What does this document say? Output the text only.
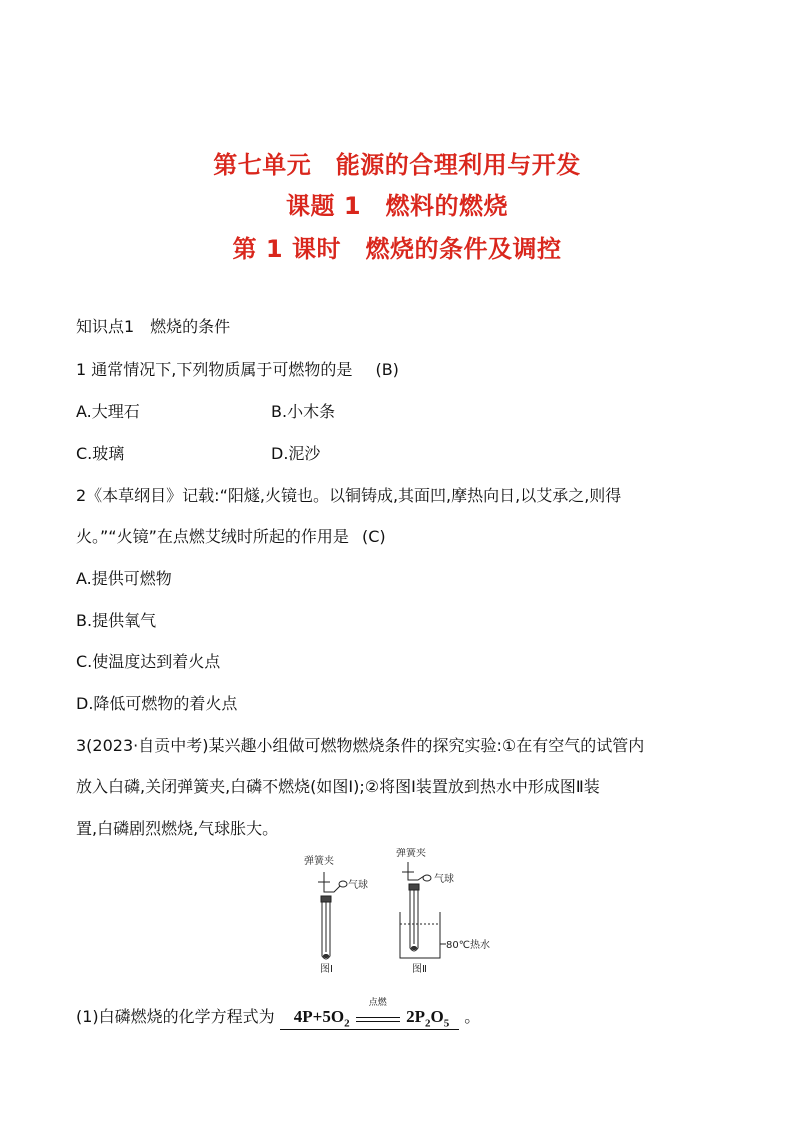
第七单元　能源的合理利用与开发
课题 1　燃料的燃烧
第 1 课时　燃烧的条件及调控
知识点1　燃烧的条件
1 通常情况下,下列物质属于可燃物的是 (B)
A.大理石	B.小木条
C.玻璃	D.泥沙
2《本草纲目》记载:“阳燧,火镜也。以铜铸成,其面凹,摩热向日,以艾承之,则得
火。”“火镜”在点燃艾绒时所起的作用是 (C)
A.提供可燃物
B.提供氧气
C.使温度达到着火点
D.降低可燃物的着火点
3(2023·自贡中考)某兴趣小组做可燃物燃烧条件的探究实验:①在有空气的试管内
放入白磷,关闭弹簧夹,白磷不燃烧(如图Ⅰ);②将图Ⅰ装置放到热水中形成图Ⅱ装
置,白磷剧烈燃烧,气球胀大。
弹簧夹
气球
图Ⅰ
弹簧夹
气球
80℃热水
图Ⅱ
(1)白磷燃烧的化学方程式为 $4P+5O_2$
点燃
$2P_2O_5$ 。
